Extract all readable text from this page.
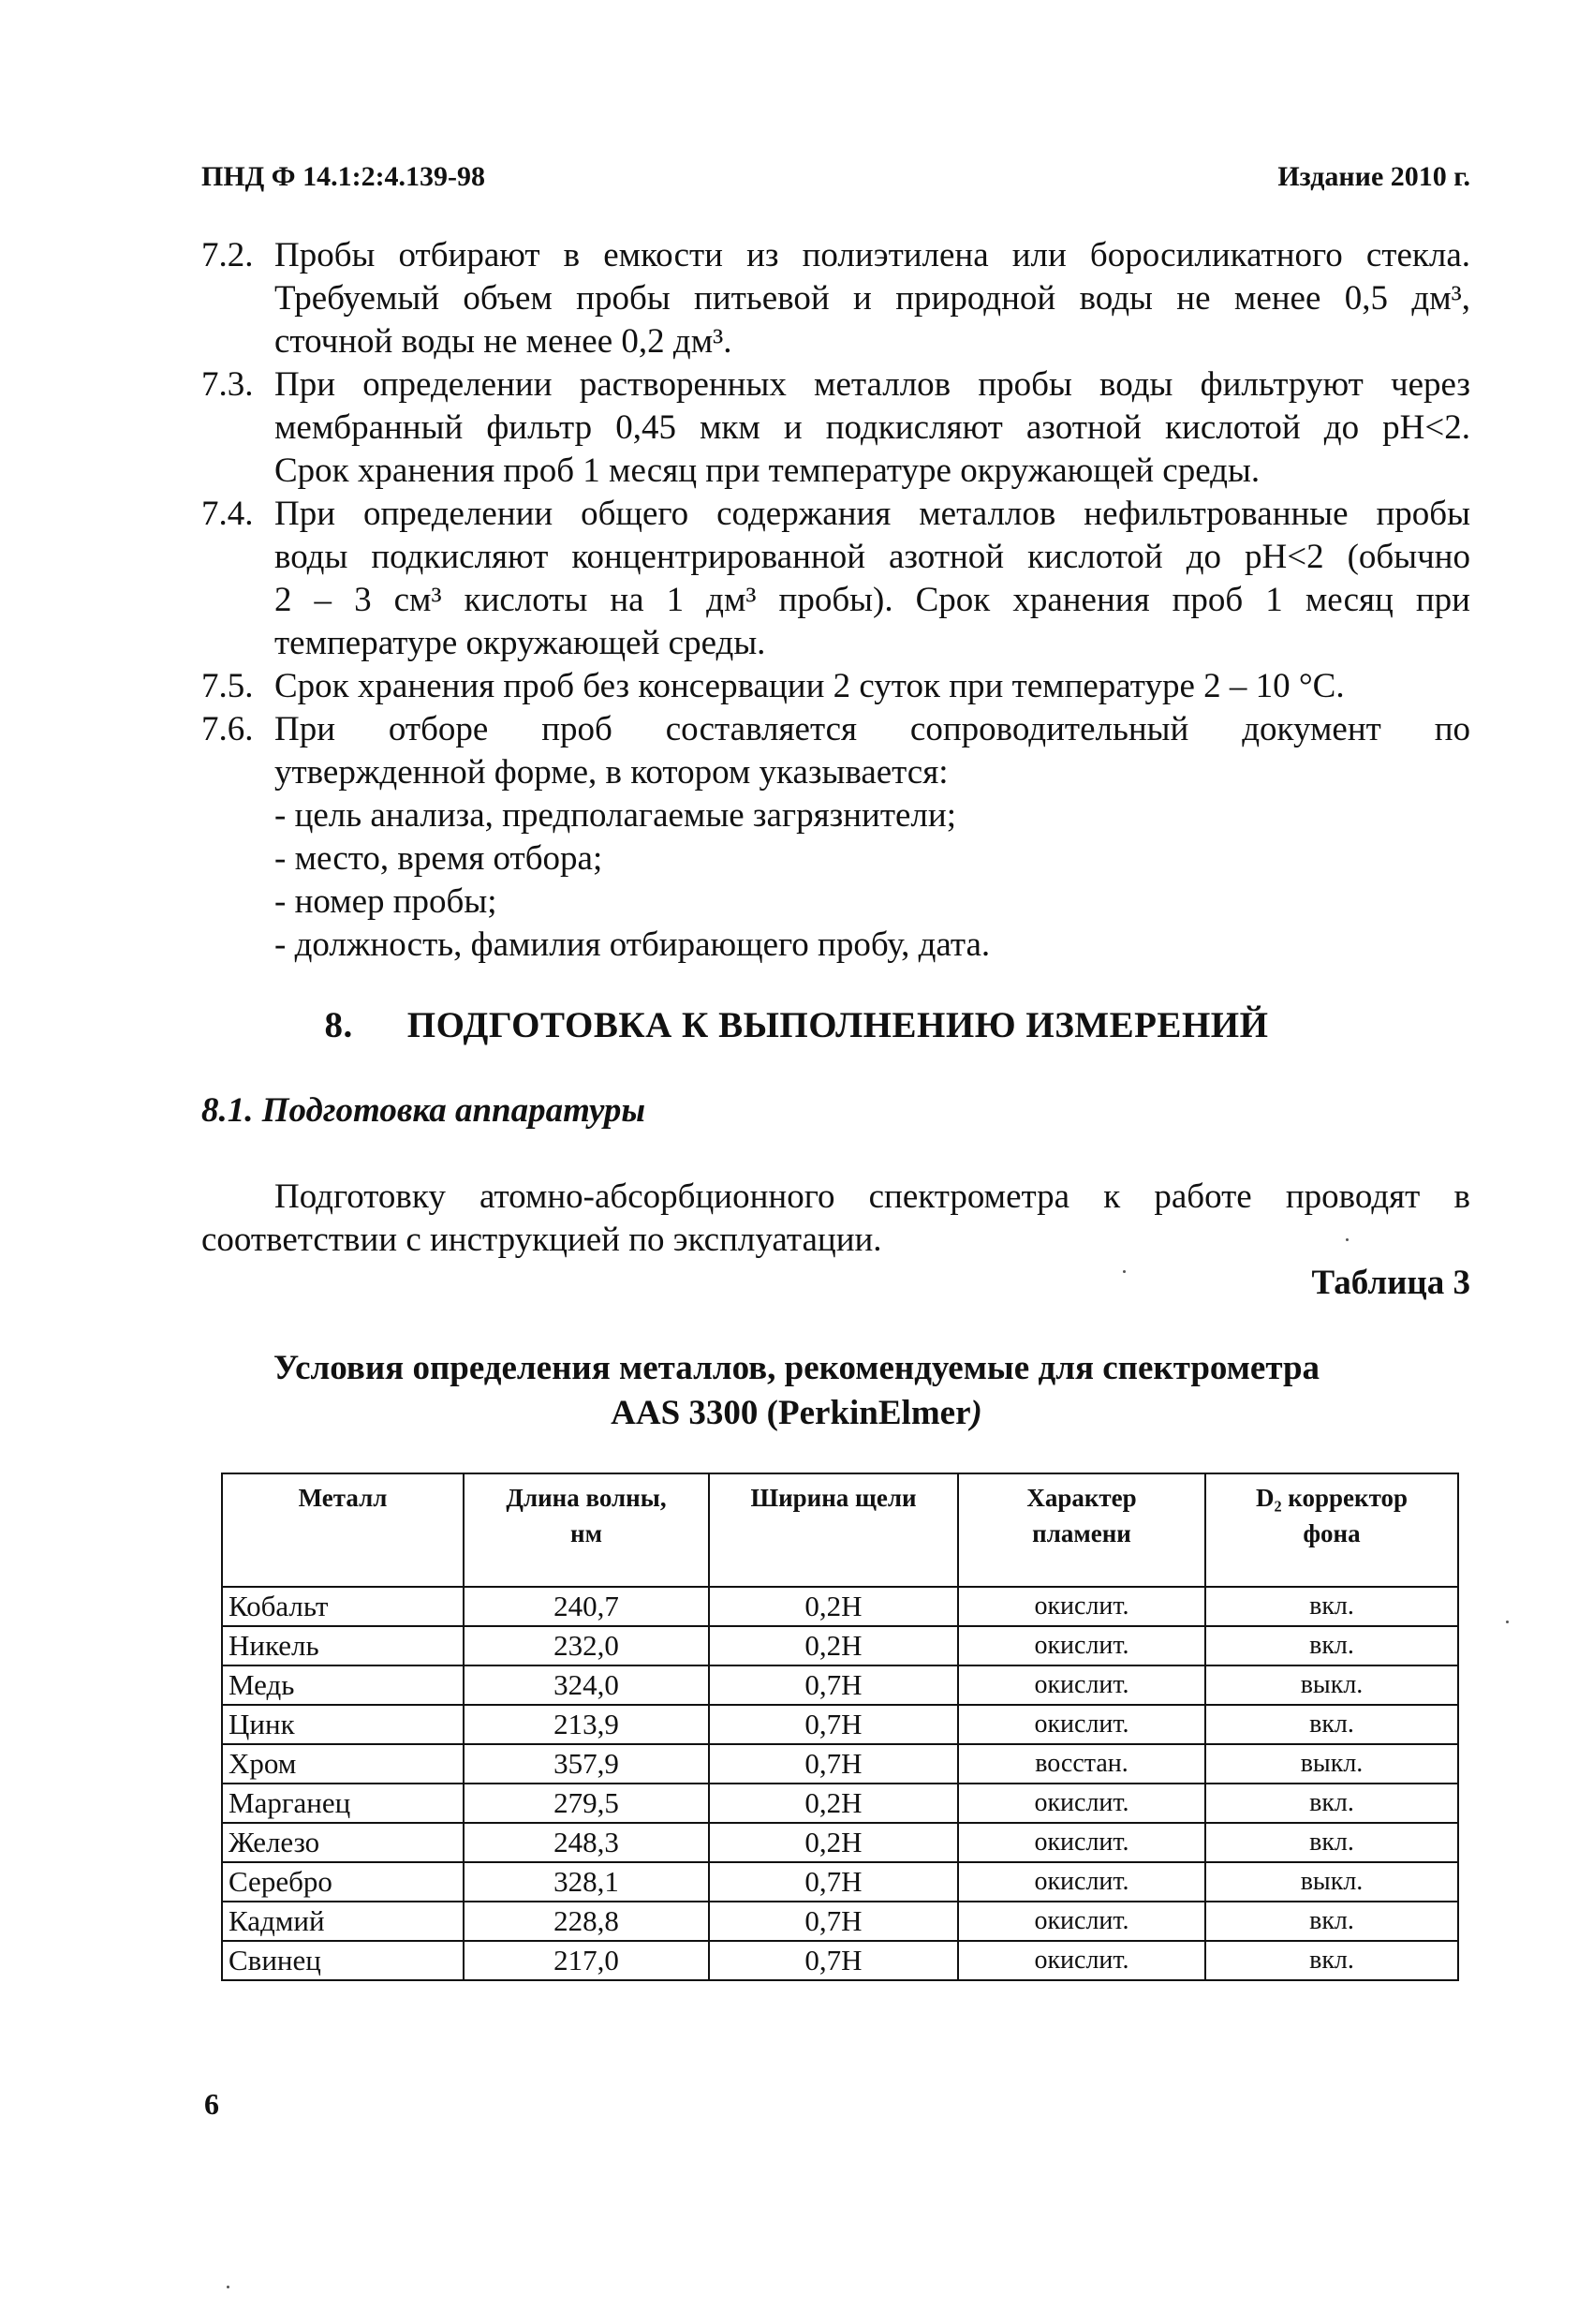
ПНД Ф 14.1:2:4.139-98	Издание 2010 г.
7.2. Пробы отбирают в емкости из полиэтилена или боросиликатного стекла.
Требуемый объем пробы питьевой и природной воды не менее 0,5 дм³,
сточной воды не менее 0,2 дм³.
7.3. При определении растворенных металлов пробы воды фильтруют через
мембранный фильтр 0,45 мкм и подкисляют азотной кислотой до рН<2.
Срок хранения проб 1 месяц при температуре окружающей среды.
7.4. При определении общего содержания металлов нефильтрованные пробы
воды подкисляют концентрированной азотной кислотой до рН<2 (обычно
2 – 3 см³ кислоты на 1 дм³ пробы). Срок хранения проб 1 месяц при
температуре окружающей среды.
7.5. Срок хранения проб без консервации 2 суток при температуре 2 – 10 °С.
7.6. При отборе проб составляется сопроводительный документ по
утвержденной форме, в котором указывается:
- цель анализа, предполагаемые загрязнители;
- место, время отбора;
- номер пробы;
- должность, фамилия отбирающего пробу, дата.
8. ПОДГОТОВКА К ВЫПОЛНЕНИЮ ИЗМЕРЕНИЙ
8.1. Подготовка аппаратуры
Подготовку атомно-абсорбционного спектрометра к работе проводят в соответствии с инструкцией по эксплуатации.
Таблица 3
Условия определения металлов, рекомендуемые для спектрометра
AAS 3300 (PerkinElmer)
Металл	Длина волны, нм	Ширина щели	Характер пламени	D₂ корректор фона
Кобальт	240,7	0,2Н	окислит.	вкл.
Никель	232,0	0,2Н	окислит.	вкл.
Медь	324,0	0,7Н	окислит.	выкл.
Цинк	213,9	0,7Н	окислит.	вкл.
Хром	357,9	0,7Н	восстан.	выкл.
Марганец	279,5	0,2Н	окислит.	вкл.
Железо	248,3	0,2Н	окислит.	вкл.
Серебро	328,1	0,7Н	окислит.	выкл.
Кадмий	228,8	0,7Н	окислит.	вкл.
Свинец	217,0	0,7Н	окислит.	вкл.
6
